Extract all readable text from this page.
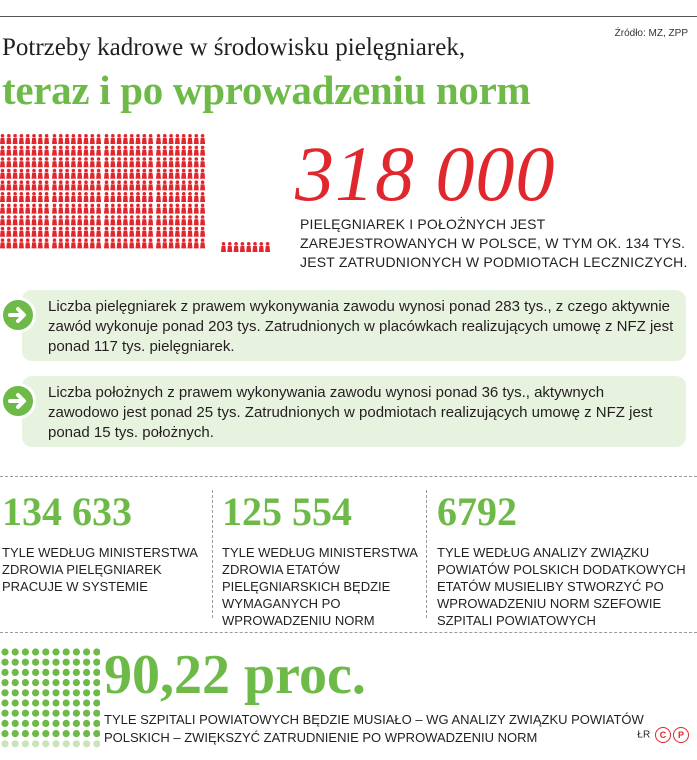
Źródło: MZ, ZPP
Potrzeby kadrowe w środowisku pielęgniarek,
teraz i po wprowadzeniu norm
318 000
PIELĘGNIAREK I POŁOŻNYCH JEST ZAREJESTROWANYCH W POLSCE, W TYM OK. 134 TYS. JEST ZATRUDNIONYCH W PODMIOTACH LECZNICZYCH.
Liczba pielęgniarek z prawem wykonywania zawodu wynosi ponad 283 tys., z czego aktywnie zawód wykonuje ponad 203 tys. Zatrudnionych w placówkach realizujących umowę z NFZ jest ponad 117 tys. pielęgniarek.
Liczba położnych z prawem wykonywania zawodu wynosi ponad 36 tys., aktywnych zawodowo jest ponad 25 tys. Zatrudnionych w podmiotach realizujących umowę z NFZ jest ponad 15 tys. położnych.
134 633
TYLE WEDŁUG MINISTERSTWA ZDROWIA PIELĘGNIAREK PRACUJE W SYSTEMIE
125 554
TYLE WEDŁUG MINISTERSTWA ZDROWIA ETATÓW PIELĘGNIARSKICH BĘDZIE WYMAGANYCH PO WPROWADZENIU NORM
6792
TYLE WEDŁUG ANALIZY ZWIĄZKU POWIATÓW POLSKICH DODATKOWYCH ETATÓW MUSIELIBY STWORZYĆ PO WPROWADZENIU NORM SZEFOWIE SZPITALI POWIATOWYCH
90,22 proc.
TYLE SZPITALI POWIATOWYCH BĘDZIE MUSIAŁO – WG ANALIZY ZWIĄZKU POWIATÓW POLSKICH – ZWIĘKSZYĆ ZATRUDNIENIE PO WPROWADZENIU NORM	ŁR C P
